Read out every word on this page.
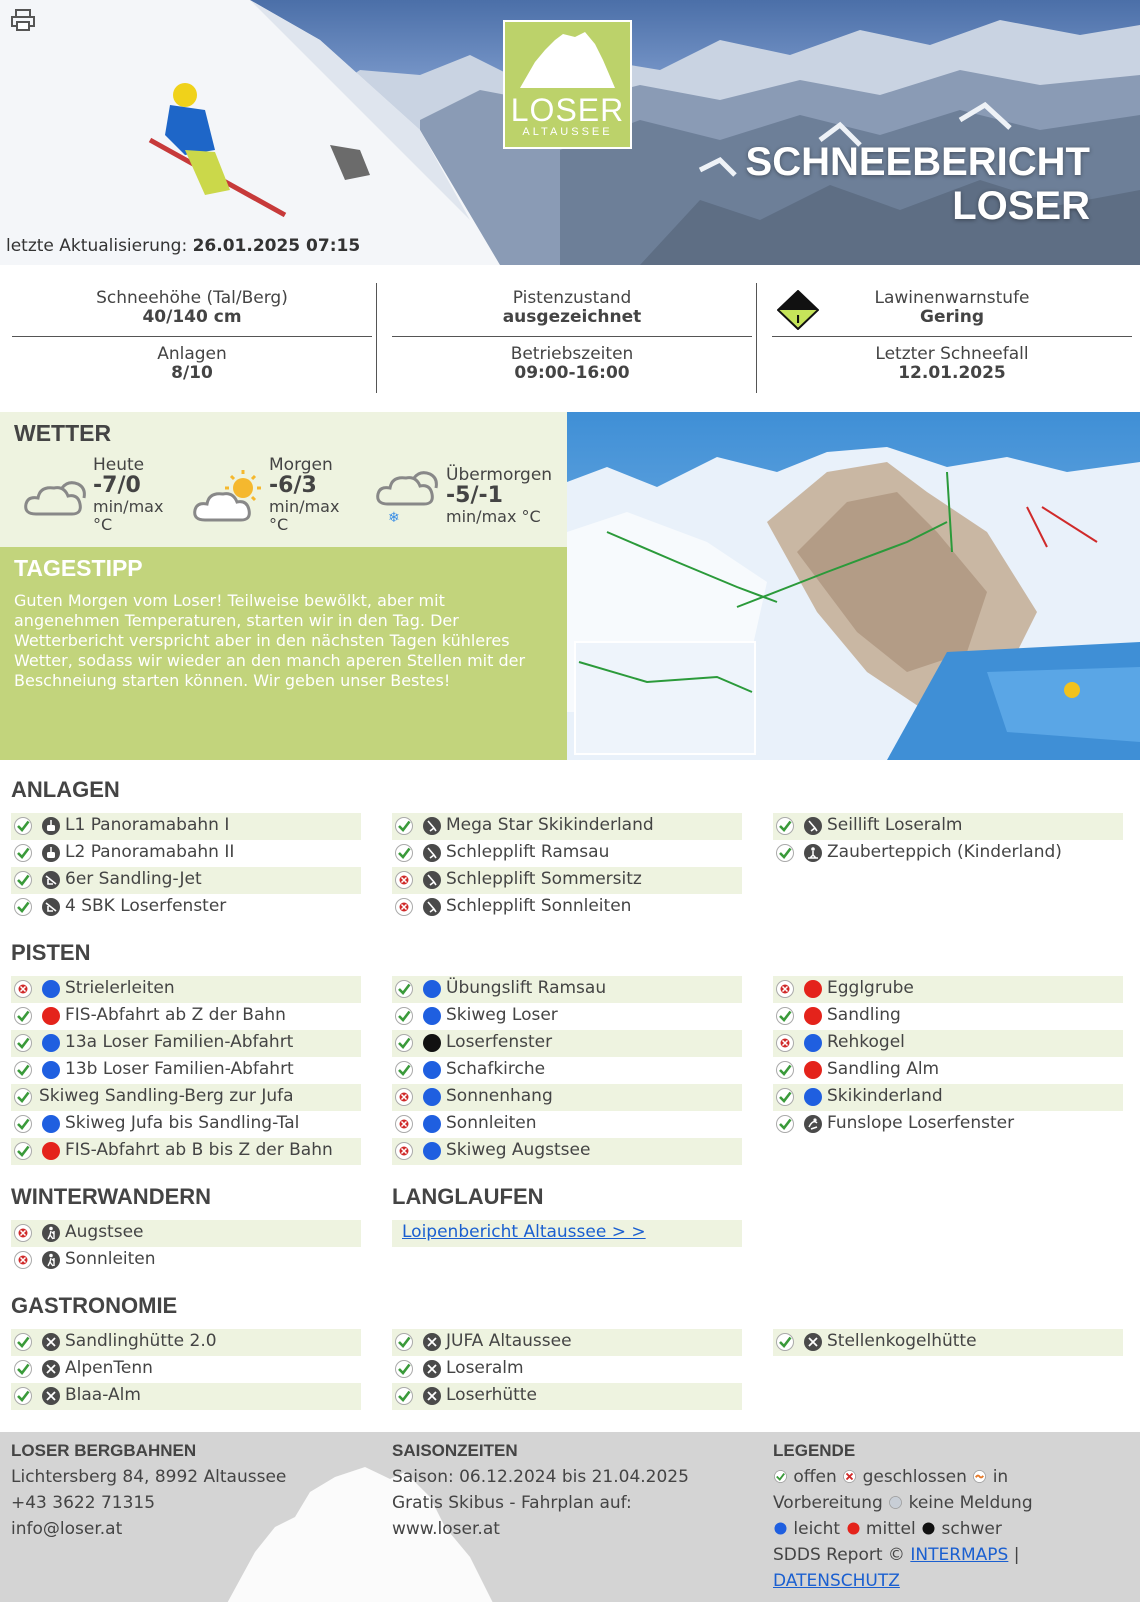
LOSER
ALTAUSSEE
SCHNEEBERICHT
LOSER
letzte Aktualisierung: 26.01.2025 07:15
Schneehöhe (Tal/Berg)
40/140 cm
Anlagen
8/10
Pistenzustand
ausgezeichnet
Betriebszeiten
09:00-16:00
Lawinenwarnstufe
Gering
Letzter Schneefall
12.01.2025
I
WETTER
Heute
-7/0
min/max
°C
Morgen
-6/3
min/max
°C	❄
Übermorgen
-5/-1
min/max °C
TAGESTIPP
Guten Morgen vom Loser! Teilweise bewölkt, aber mit angenehmen Temperaturen, starten wir in den Tag. Der Wetterbericht verspricht aber in den nächsten Tagen kühleres Wetter, sodass wir wieder an den manch aperen Stellen mit der Beschneiung starten können. Wir geben unser Bestes!
ANLAGEN
L1 Panoramabahn I
L2 Panoramabahn II
6er Sandling-Jet
4 SBK Loserfenster
Mega Star Skikinderland
Schlepplift Ramsau
Schlepplift Sommersitz
Schlepplift Sonnleiten
Seillift Loseralm
Zauberteppich (Kinderland)
PISTEN
Strielerleiten
FIS-Abfahrt ab Z der Bahn
13a Loser Familien-Abfahrt
13b Loser Familien-Abfahrt
Skiweg Sandling-Berg zur Jufa
Skiweg Jufa bis Sandling-Tal
FIS-Abfahrt ab B bis Z der Bahn
Übungslift Ramsau
Skiweg Loser
Loserfenster
Schafkirche
Sonnenhang
Sonnleiten
Skiweg Augstsee
Egglgrube
Sandling
Rehkogel
Sandling Alm
Skikinderland
Funslope Loserfenster
WINTERWANDERN
Augstsee
Sonnleiten
LANGLAUFEN
Loipenbericht Altaussee > >
GASTRONOMIE
Sandlinghütte 2.0
AlpenTenn
Blaa-Alm
JUFA Altaussee
Loseralm
Loserhütte
Stellenkogelhütte
LOSER BERGBAHNEN
Lichtersberg 84, 8992 Altaussee
+43 3622 71315
info@loser.at
SAISONZEITEN
Saison: 06.12.2024 bis 21.04.2025
Gratis Skibus - Fahrplan auf:
www.loser.at
LEGENDE
offen geschlossen in
Vorbereitung keine Meldung
leicht mittel schwer
SDDS Report © INTERMAPS |
DATENSCHUTZ
